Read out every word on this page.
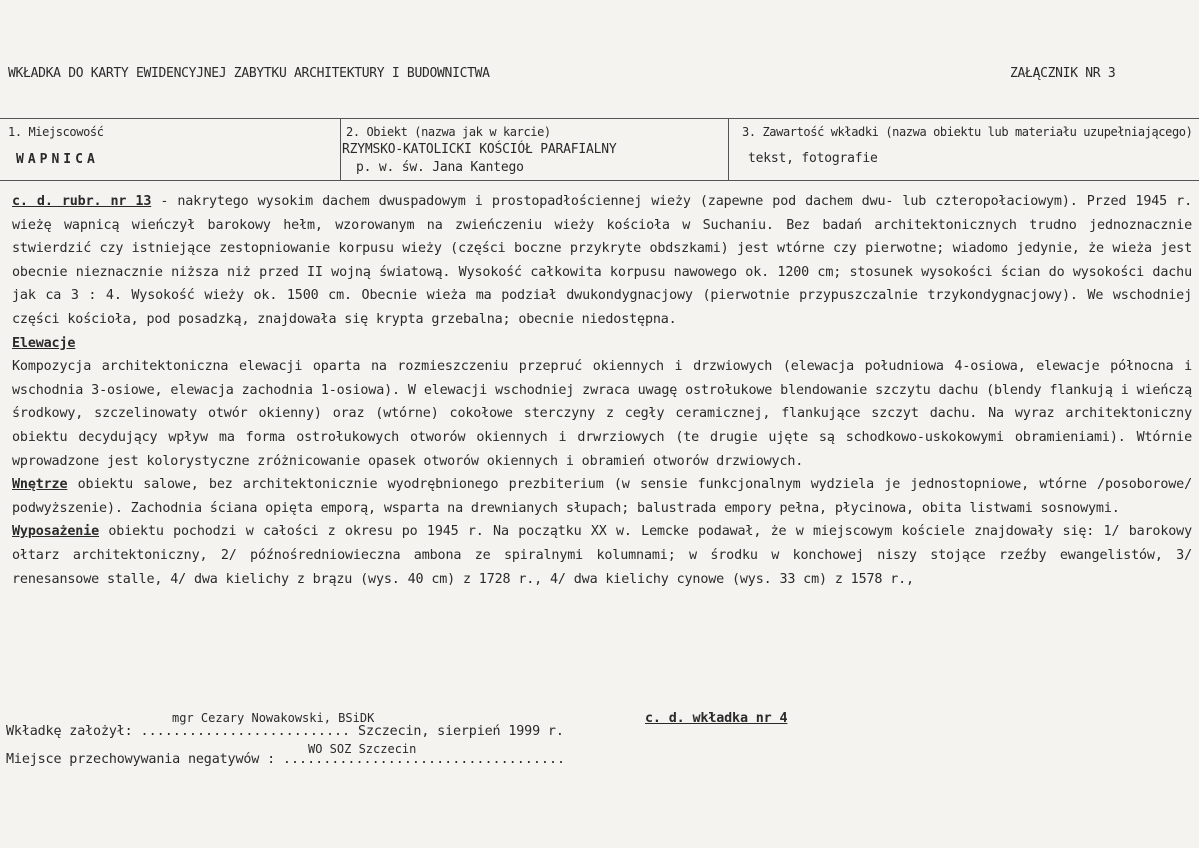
WKŁADKA DO KARTY EWIDENCYJNEJ ZABYTKU ARCHITEKTURY I BUDOWNICTWA	ZAŁĄCZNIK NR 3
1. Miejscowość
WAPNICA
2. Obiekt (nazwa jak w karcie)
RZYMSKO-KATOLICKI KOŚCIÓŁ PARAFIALNY
p. w. św. Jana Kantego
3. Zawartość wkładki (nazwa obiektu lub materiału uzupełniającego)
tekst, fotografie

c. d. rubr. nr 13 - nakrytego wysokim dachem dwuspadowym i prostopadłościennej wieży (zapewne pod dachem dwu- lub czteropołaciowym). Przed 1945 r. wieżę wapnicą wieńczył barokowy hełm, wzorowanym na zwieńczeniu wieży kościoła w Suchaniu. Bez badań architektonicznych trudno jednoznacznie stwierdzić czy istniejące zestopniowanie korpusu wieży (części boczne przykryte obdszkami) jest wtórne czy pierwotne; wiadomo jedynie, że wieża jest obecnie nieznacznie niższa niż przed II wojną światową. Wysokość całkowita korpusu nawowego ok. 1200 cm; stosunek wysokości ścian do wysokości dachu jak ca 3 : 4. Wysokość wieży ok. 1500 cm. Obecnie wieża ma podział dwukondygnacjowy (pierwotnie przypuszczalnie trzykondygnacjowy). We wschodniej części kościoła, pod posadzką, znajdowała się krypta grzebalna; obecnie niedostępna.

Elewacje

Kompozycja architektoniczna elewacji oparta na rozmieszczeniu przepruć okiennych i drzwiowych (elewacja południowa 4-osiowa, elewacje północna i wschodnia 3-osiowe, elewacja zachodnia 1-osiowa). W elewacji wschodniej zwraca uwagę ostrołukowe blendowanie szczytu dachu (blendy flankują i wieńczą środkowy, szczelinowaty otwór okienny) oraz (wtórne) cokołowe sterczyny z cegły ceramicznej, flankujące szczyt dachu. Na wyraz architektoniczny obiektu decydujący wpływ ma forma ostrołukowych otworów okiennych i drwrziowych (te drugie ujęte są schodkowo-uskokowymi obramieniami). Wtórnie wprowadzone jest kolorystyczne zróżnicowanie opasek otworów okiennych i obramień otworów drzwiowych.

Wnętrze obiektu salowe, bez architektonicznie wyodrębnionego prezbiterium (w sensie funkcjonalnym wydziela je jednostopniowe, wtórne /posoborowe/ podwyższenie). Zachodnia ściana opięta emporą, wsparta na drewnianych słupach; balustrada empory pełna, płycinowa, obita listwami sosnowymi.

Wyposażenie obiektu pochodzi w całości z okresu po 1945 r. Na początku XX w. Lemcke podawał, że w miejscowym kościele znajdowały się: 1/ barokowy ołtarz architektoniczny, 2/ późnośredniowieczna ambona ze spiralnymi kolumnami; w środku w konchowej niszy stojące rzeźby ewangelistów, 3/ renesansowe stalle, 4/ dwa kielichy z brązu (wys. 40 cm) z 1728 r., 4/ dwa kielichy cynowe (wys. 33 cm) z 1578 r.,

Wkładkę założył: .......................... Szczecin, sierpień 1999 r.
mgr Cezary Nowakowski, BSiDK	c. d. wkładka nr 4
Miejsce przechowywania negatywów : ...................................
WO SOZ Szczecin
